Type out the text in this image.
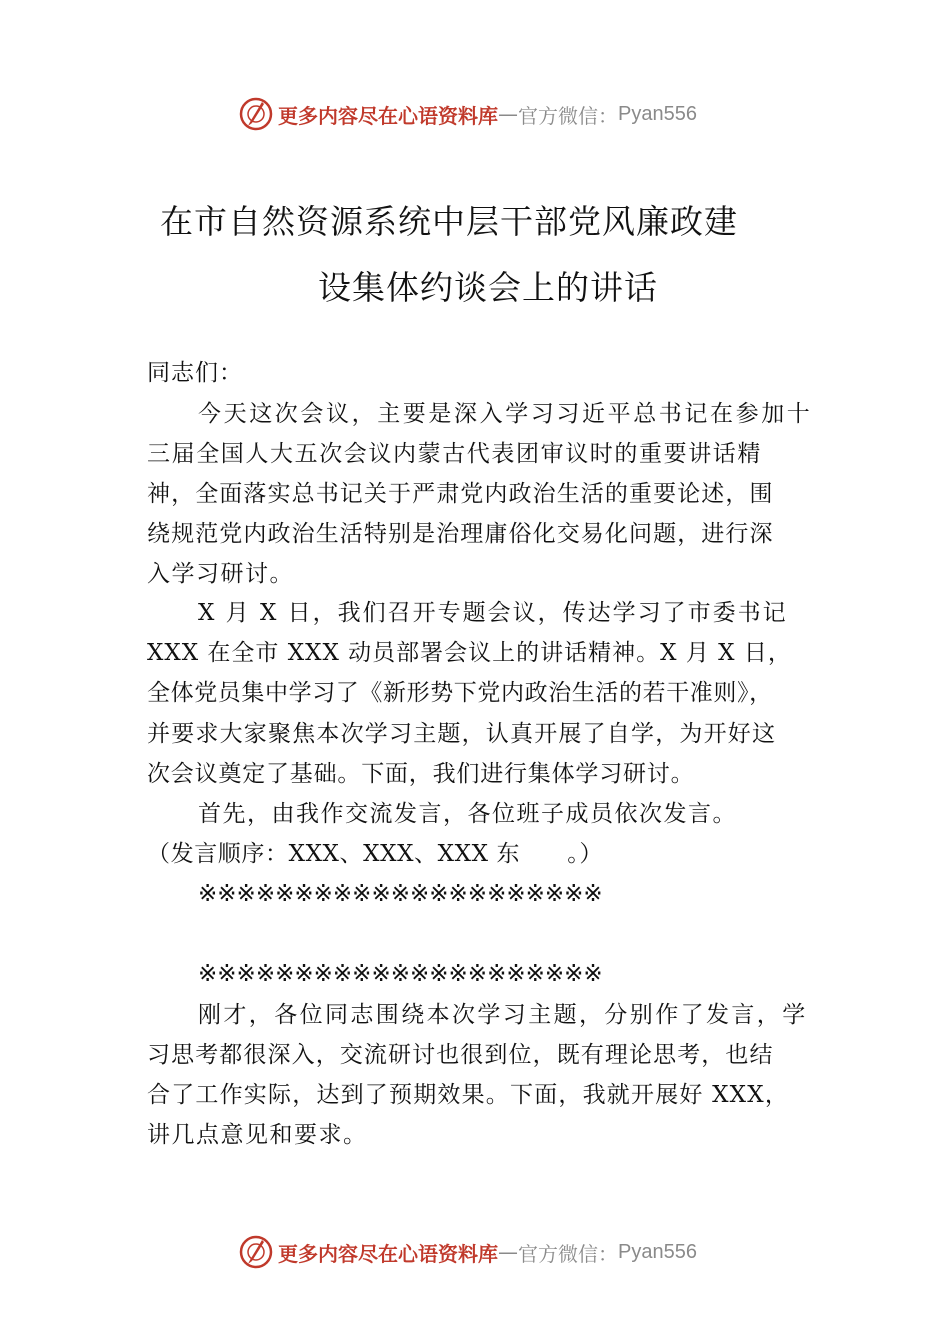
更多内容尽在心语资料库 — 官方微信： Pyan556
在市自然资源系统中层干部党风廉政建
设集体约谈会上的讲话
同志们：
今天这次会议，主要是深入学习习近平总书记在参加十
三届全国人大五次会议内蒙古代表团审议时的重要讲话精
神，全面落实总书记关于严肃党内政治生活的重要论述，围
绕规范党内政治生活特别是治理庸俗化交易化问题，进行深
入学习研讨。
X 月 X 日，我们召开专题会议，传达学习了市委书记
XXX 在全市 XXX 动员部署会议上的讲话精神。X 月 X 日，
全体党员集中学习了《新形势下党内政治生活的若干准则》，
并要求大家聚焦本次学习主题，认真开展了自学，为开好这
次会议奠定了基础。下面，我们进行集体学习研讨。
首先，由我作交流发言，各位班子成员依次发言。
（发言顺序：XXX、XXX、XXX 东　　。）
※※※※※※※※※※※※※※※※※※※※※
※※※※※※※※※※※※※※※※※※※※※
刚才，各位同志围绕本次学习主题，分别作了发言，学
习思考都很深入，交流研讨也很到位，既有理论思考，也结
合了工作实际，达到了预期效果。下面，我就开展好 XXX，
讲几点意见和要求。
更多内容尽在心语资料库 — 官方微信： Pyan556
